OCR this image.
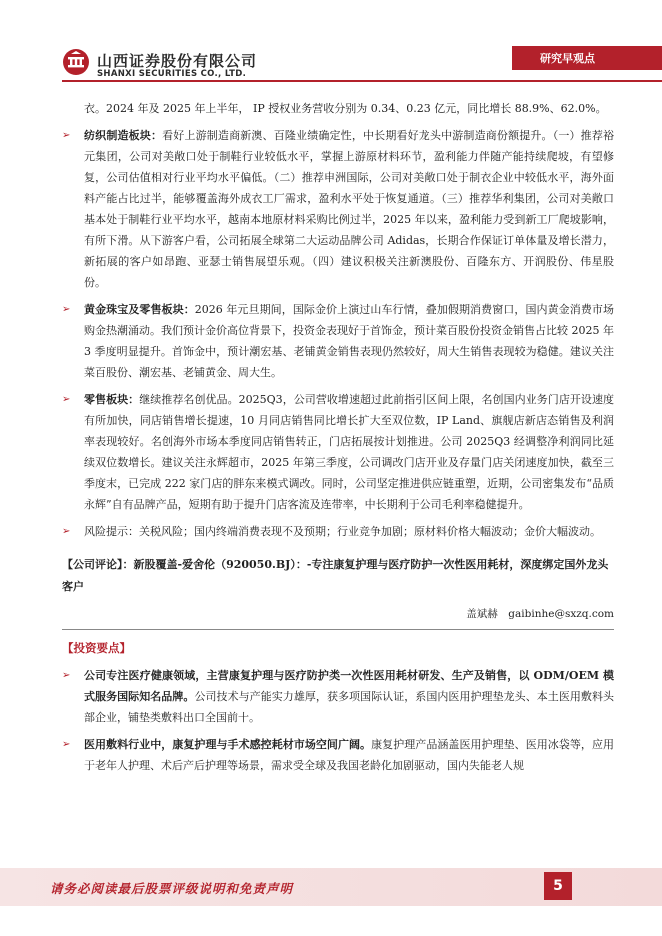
山西证券股份有限公司
SHANXI SECURITIES CO., LTD.
研究早观点
衣。2024 年及 2025 年上半年， IP 授权业务营收分别为 0.34、0.23 亿元，同比增长 88.9%、62.0%。
➢ 纺织制造板块：看好上游制造商新澳、百隆业绩确定性，中长期看好龙头中游制造商份额提升。（一）推荐裕元集团，公司对美敞口处于制鞋行业较低水平，掌握上游原材料环节，盈利能力伴随产能持续爬坡，有望修复，公司估值相对行业平均水平偏低。（二）推荐申洲国际，公司对美敞口处于制衣企业中较低水平，海外面料产能占比过半，能够覆盖海外成衣工厂需求，盈利水平处于恢复通道。（三）推荐华利集团，公司对美敞口基本处于制鞋行业平均水平，越南本地原材料采购比例过半，2025 年以来，盈利能力受到新工厂爬坡影响，有所下滑。从下游客户看，公司拓展全球第二大运动品牌公司 Adidas，长期合作保证订单体量及增长潜力，新拓展的客户如昂跑、亚瑟士销售展望乐观。（四）建议积极关注新澳股份、百隆东方、开润股份、伟星股份。
➢ 黄金珠宝及零售板块：2026 年元旦期间，国际金价上演过山车行情，叠加假期消费窗口，国内黄金消费市场购金热潮涌动。我们预计金价高位背景下，投资金表现好于首饰金，预计菜百股份投资金销售占比较 2025 年 3 季度明显提升。首饰金中，预计潮宏基、老铺黄金销售表现仍然较好，周大生销售表现较为稳健。建议关注菜百股份、潮宏基、老铺黄金、周大生。
➢ 零售板块：继续推荐名创优品。2025Q3，公司营收增速超过此前指引区间上限，名创国内业务门店开设速度有所加快，同店销售增长提速，10 月同店销售同比增长扩大至双位数，IP Land、旗舰店新店态销售及利润率表现较好。名创海外市场本季度同店销售转正，门店拓展按计划推进。公司 2025Q3 经调整净利润同比延续双位数增长。建议关注永辉超市，2025 年第三季度，公司调改门店开业及存量门店关闭速度加快，截至三季度末，已完成 222 家门店的胖东来模式调改。同时，公司坚定推进供应链重塑，近期，公司密集发布“品质永辉”自有品牌产品，短期有助于提升门店客流及连带率，中长期利于公司毛利率稳健提升。
➢ 风险提示：关税风险；国内终端消费表现不及预期；行业竞争加剧；原材料价格大幅波动；金价大幅波动。
【公司评论】：新股覆盖-爱舍伦（920050.BJ）：-专注康复护理与医疗防护一次性医用耗材，深度绑定国外龙头客户
盖斌赫　gaibinhe@sxzq.com
【投资要点】
➢ 公司专注医疗健康领域，主营康复护理与医疗防护类一次性医用耗材研发、生产及销售，以 ODM/OEM 模式服务国际知名品牌。公司技术与产能实力雄厚，获多项国际认证，系国内医用护理垫龙头、本土医用敷料头部企业，铺垫类敷料出口全国前十。
➢ 医用敷料行业中，康复护理与手术感控耗材市场空间广阔。康复护理产品涵盖医用护理垫、医用冰袋等，应用于老年人护理、术后产后护理等场景，需求受全球及我国老龄化加剧驱动，国内失能老人规
请务必阅读最后股票评级说明和免责声明	5
